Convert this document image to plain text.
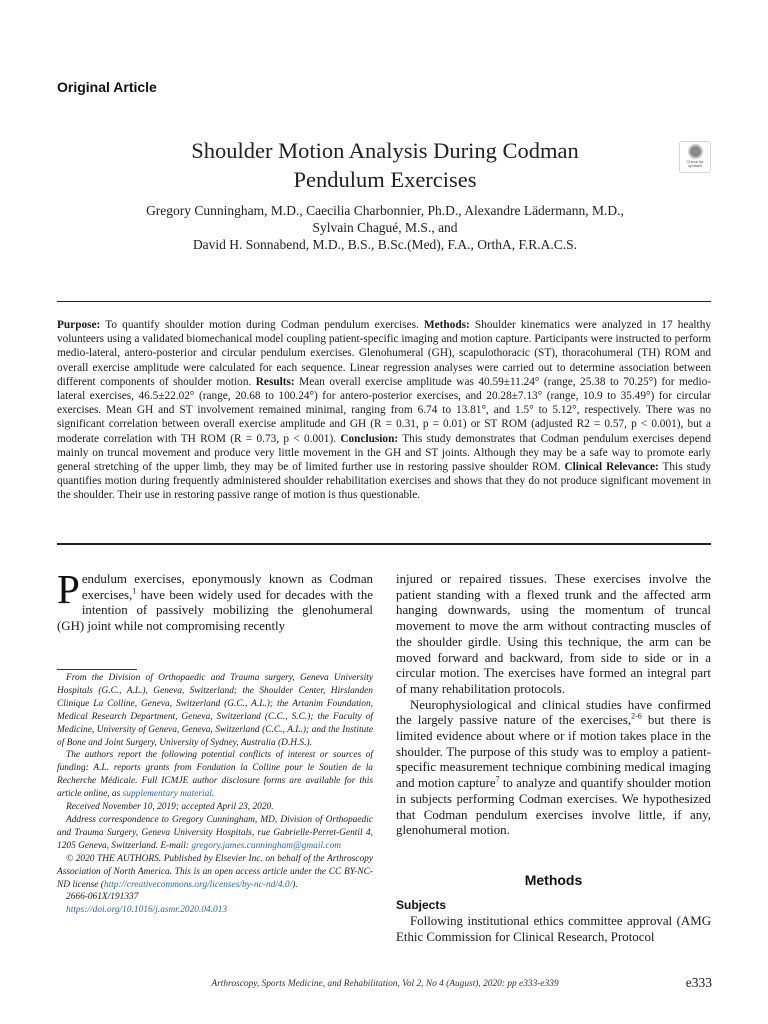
Original Article
Shoulder Motion Analysis During Codman
Pendulum Exercises
Check for
updates
Gregory Cunningham, M.D., Caecilia Charbonnier, Ph.D., Alexandre Lädermann, M.D.,
Sylvain Chagué, M.S., and
David H. Sonnabend, M.D., B.S., B.Sc.(Med), F.A., OrthA, F.R.A.C.S.
Purpose: To quantify shoulder motion during Codman pendulum exercises. Methods: Shoulder kinematics were analyzed in 17 healthy volunteers using a validated biomechanical model coupling patient-specific imaging and motion capture. Participants were instructed to perform medio-lateral, antero-posterior and circular pendulum exercises. Glenohumeral (GH), scapulothoracic (ST), thoracohumeral (TH) ROM and overall exercise amplitude were calculated for each sequence. Linear regression analyses were carried out to determine association between different components of shoulder motion. Results: Mean overall exercise amplitude was 40.59±11.24° (range, 25.38 to 70.25°) for medio-lateral exercises, 46.5±22.02° (range, 20.68 to 100.24°) for antero-posterior exercises, and 20.28±7.13° (range, 10.9 to 35.49°) for circular exercises. Mean GH and ST involvement remained minimal, ranging from 6.74 to 13.81°, and 1.5° to 5.12°, respectively. There was no significant correlation between overall exercise amplitude and GH (R = 0.31, p = 0.01) or ST ROM (adjusted R2 = 0.57, p < 0.001), but a moderate correlation with TH ROM (R = 0.73, p < 0.001). Conclusion: This study demonstrates that Codman pendulum exercises depend mainly on truncal movement and produce very little movement in the GH and ST joints. Although they may be a safe way to promote early general stretching of the upper limb, they may be of limited further use in restoring passive shoulder ROM. Clinical Relevance: This study quantifies motion during frequently administered shoulder rehabilitation exercises and shows that they do not produce significant movement in the shoulder. Their use in restoring passive range of motion is thus questionable.

Pendulum exercises, eponymously known as Codman exercises,$^1$ have been widely used for decades with the intention of passively mobilizing the glenohumeral (GH) joint while not compromising recently

From the Division of Orthopaedic and Trauma surgery, Geneva University Hospitals (G.C., A.L.), Geneva, Switzerland; the Shoulder Center, Hirslanden Clinique La Colline, Geneva, Switzerland (G.C., A.L.); the Artanim Foundation, Medical Research Department, Geneva, Switzerland (C.C., S.C.); the Faculty of Medicine, University of Geneva, Geneva, Switzerland (C.C., A.L.); and the Institute of Bone and Joint Surgery, University of Sydney, Australia (D.H.S.).

The authors report the following potential conflicts of interest or sources of funding: A.L. reports grants from Fondation la Colline pour le Soutien de la Recherche Médicale. Full ICMJE author disclosure forms are available for this article online, as supplementary material.

Received November 10, 2019; accepted April 23, 2020.

Address correspondence to Gregory Cunningham, MD, Division of Orthopaedic and Trauma Surgery, Geneva University Hospitals, rue Gabrielle-Perret-Gentil 4, 1205 Geneva, Switzerland. E-mail: gregory.james.cunningham@gmail.com

© 2020 THE AUTHORS. Published by Elsevier Inc. on behalf of the Arthroscopy Association of North America. This is an open access article under the CC BY-NC-ND license (http://creativecommons.org/licenses/by-nc-nd/4.0/).

2666-061X/191337

https://doi.org/10.1016/j.asmr.2020.04.013

injured or repaired tissues. These exercises involve the patient standing with a flexed trunk and the affected arm hanging downwards, using the momentum of truncal movement to move the arm without contracting muscles of the shoulder girdle. Using this technique, the arm can be moved forward and backward, from side to side or in a circular motion. The exercises have formed an integral part of many rehabilitation protocols.

Neurophysiological and clinical studies have confirmed the largely passive nature of the exercises,$^{2-6}$ but there is limited evidence about where or if motion takes place in the shoulder. The purpose of this study was to employ a patient-specific measurement technique combining medical imaging and motion capture$^7$ to analyze and quantify shoulder motion in subjects performing Codman exercises. We hypothesized that Codman pendulum exercises involve little, if any, glenohumeral motion.

Methods
Subjects

Following institutional ethics committee approval (AMG Ethic Commission for Clinical Research, Protocol

Arthroscopy, Sports Medicine, and Rehabilitation, Vol 2, No 4 (August), 2020: pp e333-e339	e333
